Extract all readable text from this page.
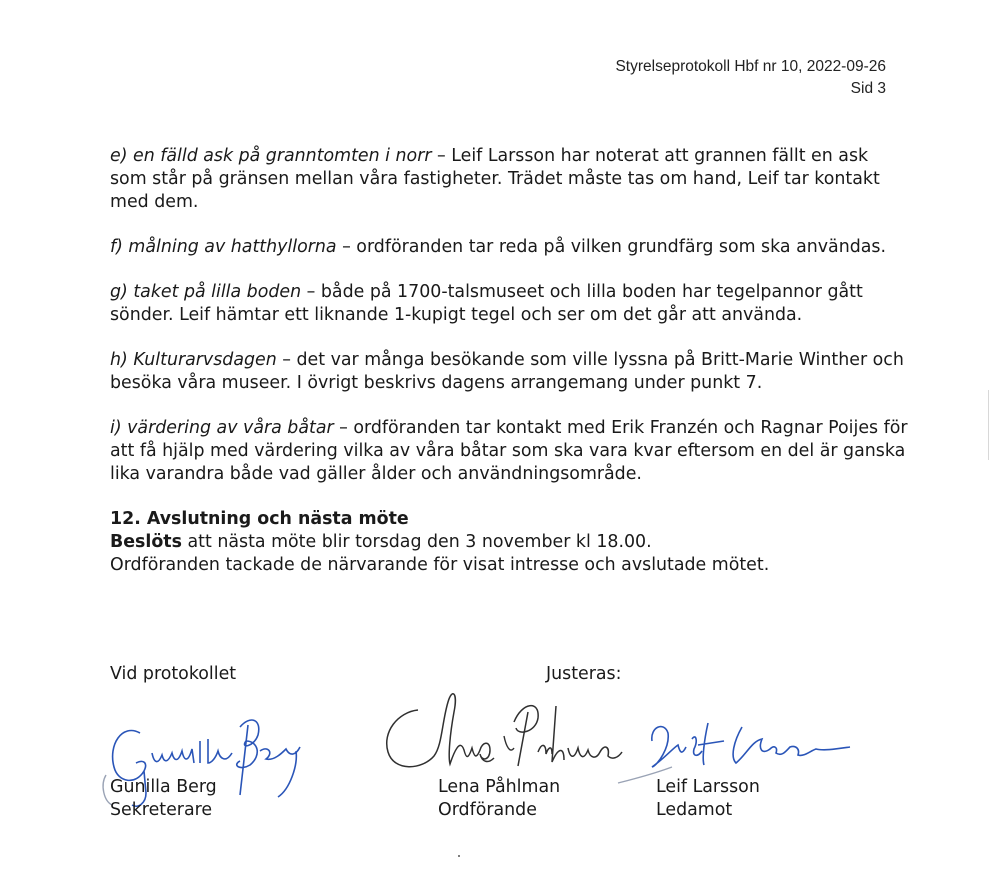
Styrelseprotokoll Hbf nr 10, 2022-09-26
Sid 3

e) en fälld ask på granntomten i norr – Leif Larsson har noterat att grannen fällt en ask som står på gränsen mellan våra fastigheter. Trädet måste tas om hand, Leif tar kontakt med dem.

f) målning av hatthyllorna – ordföranden tar reda på vilken grundfärg som ska användas.

g) taket på lilla boden – både på 1700-talsmuseet och lilla boden har tegelpannor gått sönder. Leif hämtar ett liknande 1-kupigt tegel och ser om det går att använda.

h) Kulturarvsdagen – det var många besökande som ville lyssna på Britt-Marie Winther och besöka våra museer. I övrigt beskrivs dagens arrangemang under punkt 7.

i) värdering av våra båtar – ordföranden tar kontakt med Erik Franzén och Ragnar Poijes för att få hjälp med värdering vilka av våra båtar som ska vara kvar eftersom en del är ganska lika varandra både vad gäller ålder och användningsområde.

12. Avslutning och nästa möte

Beslöts att nästa möte blir torsdag den 3 november kl 18.00.

Ordföranden tackade de närvarande för visat intresse och avslutade mötet.

Vid protokollet	Justeras:
Gunilla Berg
Sekreterare
Lena Påhlman
Ordförande
Leif Larsson
Ledamot
